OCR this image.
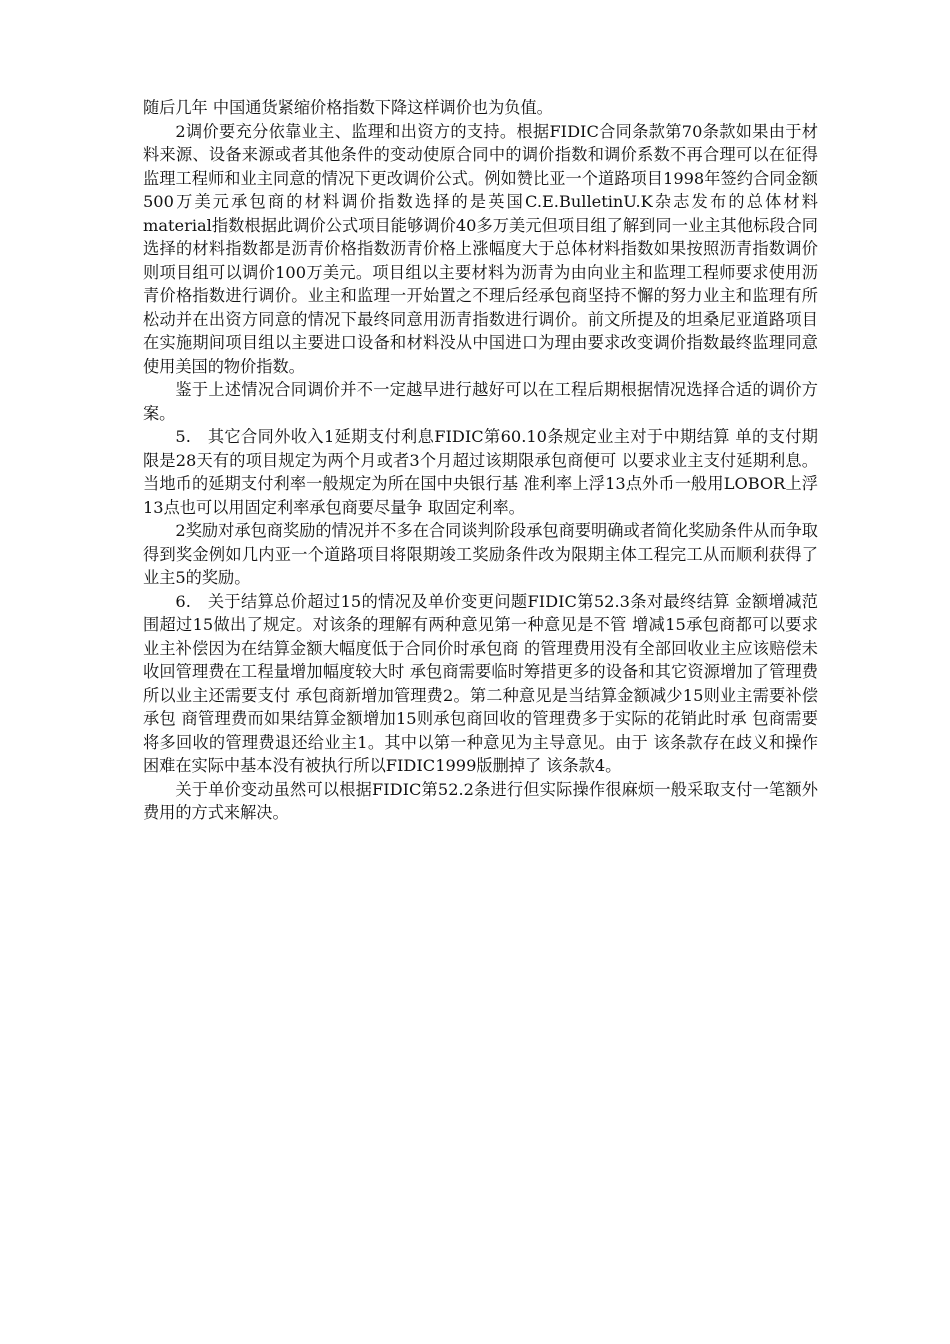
随后几年 中国通货紧缩价格指数下降这样调价也为负值。

2调价要充分依靠业主、监理和出资方的支持。根据FIDIC合同条款第70条款如果由于材料来源、设备来源或者其他条件的变动使原合同中的调价指数和调价系数不再合理可以在征得监理工程师和业主同意的情况下更改调价公式。例如赞比亚一个道路项目1998年签约合同金额500万美元承包商的材料调价指数选择的是英国C.E.BulletinU.K杂志发布的总体材料material指数根据此调价公式项目能够调价40多万美元但项目组了解到同一业主其他标段合同选择的材料指数都是沥青价格指数沥青价格上涨幅度大于总体材料指数如果按照沥青指数调价则项目组可以调价100万美元。项目组以主要材料为沥青为由向业主和监理工程师要求使用沥青价格指数进行调价。业主和监理一开始置之不理后经承包商坚持不懈的努力业主和监理有所松动并在出资方同意的情况下最终同意用沥青指数进行调价。前文所提及的坦桑尼亚道路项目在实施期间项目组以主要进口设备和材料没从中国进口为理由要求改变调价指数最终监理同意使用美国的物价指数。

鉴于上述情况合同调价并不一定越早进行越好可以在工程后期根据情况选择合适的调价方案。

5.　其它合同外收入1延期支付利息FIDIC第60.10条规定业主对于中期结算 单的支付期限是28天有的项目规定为两个月或者3个月超过该期限承包商便可 以要求业主支付延期利息。当地币的延期支付利率一般规定为所在国中央银行基 准利率上浮13点外币一般用LOBOR上浮13点也可以用固定利率承包商要尽量争 取固定利率。

2奖励对承包商奖励的情况并不多在合同谈判阶段承包商要明确或者简化奖励条件从而争取得到奖金例如几内亚一个道路项目将限期竣工奖励条件改为限期主体工程完工从而顺利获得了业主5的奖励。

6.　关于结算总价超过15的情况及单价变更问题FIDIC第52.3条对最终结算 金额增减范围超过15做出了规定。对该条的理解有两种意见第一种意见是不管 增减15承包商都可以要求业主补偿因为在结算金额大幅度低于合同价时承包商 的管理费用没有全部回收业主应该赔偿未收回管理费在工程量增加幅度较大时 承包商需要临时筹措更多的设备和其它资源增加了管理费所以业主还需要支付 承包商新增加管理费2。第二种意见是当结算金额减少15则业主需要补偿承包 商管理费而如果结算金额增加15则承包商回收的管理费多于实际的花销此时承 包商需要将多回收的管理费退还给业主1。其中以第一种意见为主导意见。由于 该条款存在歧义和操作困难在实际中基本没有被执行所以FIDIC1999版删掉了 该条款4。

关于单价变动虽然可以根据FIDIC第52.2条进行但实际操作很麻烦一般采取支付一笔额外费用的方式来解决。
